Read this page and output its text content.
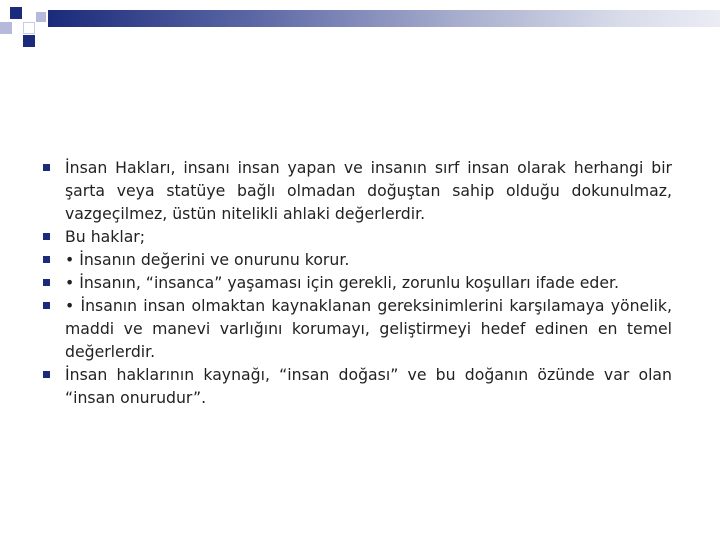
İnsan Hakları, insanı insan yapan ve insanın sırf insan olarak herhangi bir şarta veya statüye bağlı olmadan doğuştan sahip olduğu dokunulmaz, vazgeçilmez, üstün nitelikli ahlaki değerlerdir.
Bu haklar;
• İnsanın değerini ve onurunu korur.
• İnsanın, “insanca” yaşaması için gerekli, zorunlu koşulları ifade eder.
• İnsanın insan olmaktan kaynaklanan gereksinimlerini karşılamaya yönelik, maddi ve manevi varlığını korumayı, geliştirmeyi hedef edinen en temel değerlerdir.
İnsan haklarının kaynağı, “insan doğası” ve bu doğanın özünde var olan “insan onurudur”.
